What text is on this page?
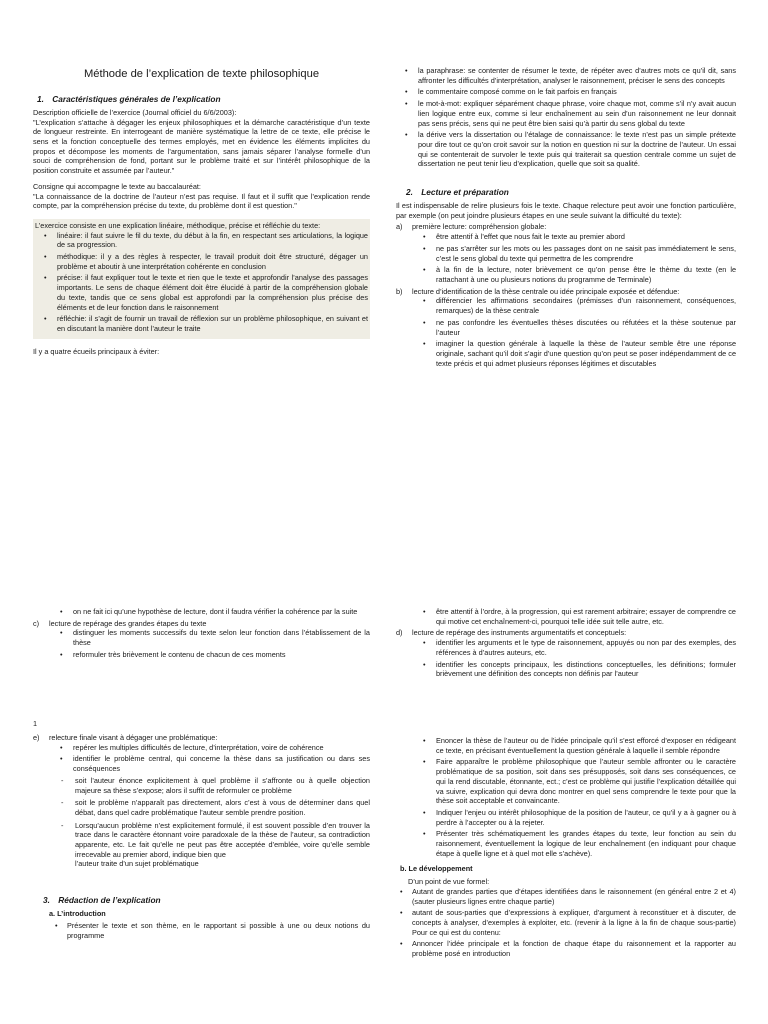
Méthode de l’explication de texte philosophique
1. Caractéristiques générales de l’explication

Description officielle de l’exercice (Journal officiel du 6/6/2003):

"L’explication s’attache à dégager les enjeux philosophiques et la démarche caractéristique d’un texte de longueur restreinte. En interrogeant de manière systématique la lettre de ce texte, elle précise le sens et la fonction conceptuelle des termes employés, met en évidence les éléments implicites du propos et décompose les moments de l’argumentation, sans jamais séparer l’analyse formelle d’un souci de compréhension de fond, portant sur le problème traité et sur l’intérêt philosophique de la position construite et assumée par l’auteur."

Consigne qui accompagne le texte au baccalauréat:

"La connaissance de la doctrine de l’auteur n’est pas requise. Il faut et il suffit que l’explication rende compte, par la compréhension précise du texte, du problème dont il est question."

L’exercice consiste en une explication linéaire, méthodique, précise et réfléchie du texte:

• linéaire: il faut suivre le fil du texte, du début à la fin, en respectant ses articulations, la logique de sa progression.
• méthodique: il y a des règles à respecter, le travail produit doit être structuré, dégager un problème et aboutir à une interprétation cohérente en conclusion
• précise: il faut expliquer tout le texte et rien que le texte et approfondir l’analyse des passages importants. Le sens de chaque élément doit être élucidé à partir de la compréhension globale du texte, tandis que ce sens global est approfondi par la compréhension plus précise des éléments et de leur fonction dans le raisonnement
• réfléchie: il s’agit de fournir un travail de réflexion sur un problème philosophique, en suivant et en discutant la manière dont l’auteur le traite

Il y a quatre écueils principaux à éviter:

• la paraphrase: se contenter de résumer le texte, de répéter avec d’autres mots ce qu’il dit, sans affronter les difficultés d’interprétation, analyser le raisonnement, préciser le sens des concepts
• le commentaire composé comme on le fait parfois en français
• le mot-à-mot: expliquer séparément chaque phrase, voire chaque mot, comme s’il n’y avait aucun lien logique entre eux, comme si leur enchaînement au sein d’un raisonnement ne leur donnait pas sens précis, sens qui ne peut être bien saisi qu’à partir du sens global du texte
• la dérive vers la dissertation ou l’étalage de connaissance: le texte n’est pas un simple prétexte pour dire tout ce qu’on croit savoir sur la notion en question ni sur la doctrine de l’auteur. Un essai qui se contenterait de survoler le texte puis qui traiterait sa question centrale comme un sujet de dissertation ne peut tenir lieu d’explication, quelle que soit sa qualité.
2. Lecture et préparation

Il est indispensable de relire plusieurs fois le texte. Chaque relecture peut avoir une fonction particulière, par exemple (on peut joindre plusieurs étapes en une seule suivant la difficulté du texte):

a) première lecture: compréhension globale:
• être attentif à l’effet que nous fait le texte au premier abord
• ne pas s’arrêter sur les mots ou les passages dont on ne saisit pas immédiatement le sens, c’est le sens global du texte qui permettra de les comprendre
• à la fin de la lecture, noter brièvement ce qu’on pense être le thème du texte (en le rattachant à une ou plusieurs notions du programme de Terminale)
b) lecture d’identification de la thèse centrale ou idée principale exposée et défendue:
• différencier les affirmations secondaires (prémisses d’un raisonnement, conséquences, remarques) de la thèse centrale
• ne pas confondre les éventuelles thèses discutées ou réfutées et la thèse soutenue par l’auteur
• imaginer la question générale à laquelle la thèse de l’auteur semble être une réponse originale, sachant qu’il doit s’agir d’une question qu’on peut se poser indépendamment de ce texte précis et qui admet plusieurs réponses légitimes et discutables
• on ne fait ici qu’une hypothèse de lecture, dont il faudra vérifier la cohérence par la suite
c) lecture de repérage des grandes étapes du texte
• distinguer les moments successifs du texte selon leur fonction dans l’établissement de la thèse
• reformuler très brièvement le contenu de chacun de ces moments
• être attentif à l’ordre, à la progression, qui est rarement arbitraire; essayer de comprendre ce qui motive cet enchaînement-ci, pourquoi telle idée suit telle autre, etc.
d) lecture de repérage des instruments argumentatifs et conceptuels:
• identifier les arguments et le type de raisonnement, appuyés ou non par des exemples, des références à d’autres auteurs, etc.
• identifier les concepts principaux, les distinctions conceptuelles, les définitions; formuler brièvement une définition des concepts non définis par l’auteur
1
e) relecture finale visant à dégager une problématique:
• repérer les multiples difficultés de lecture, d’interprétation, voire de cohérence
• identifier le problème central, qui concerne la thèse dans sa justification ou dans ses conséquences
- soit l’auteur énonce explicitement à quel problème il s’affronte ou à quelle objection majeure sa thèse s’expose; alors il suffit de reformuler ce problème
- soit le problème n’apparaît pas directement, alors c’est à vous de déterminer dans quel débat, dans quel cadre problématique l’auteur semble prendre position.
- Lorsqu’aucun problème n’est explicitement formulé, il est souvent possible d’en trouver la trace dans le caractère étonnant voire paradoxale de la thèse de l’auteur, sa contradiction apparente, etc. Le fait qu’elle ne peut pas être acceptée d’emblée, voire qu’elle semble irrecevable au premier abord, indique bien que

l’auteur traite d’un sujet problématique

3. Rédaction de l’explication

a. L’introduction

• Présenter le texte et son thème, en le rapportant si possible à une ou deux notions du programme
• Enoncer la thèse de l’auteur ou de l’idée principale qu’il s’est efforcé d’exposer en rédigeant ce texte, en précisant éventuellement la question générale à laquelle il semble répondre
• Faire apparaître le problème philosophique que l’auteur semble affronter ou le caractère problématique de sa position, soit dans ses présupposés, soit dans ses conséquences, ce qui la rend discutable, étonnante, ect.; c’est ce problème qui justifie l’explication détaillée qui va suivre, explication qui devra donc montrer en quel sens comprendre le texte pour que la thèse soit acceptable et convaincante.
• Indiquer l’enjeu ou intérêt philosophique de la position de l’auteur, ce qu’il y a à gagner ou à perdre à l’accepter ou à la rejeter.
• Présenter très schématiquement les grandes étapes du texte, leur fonction au sein du raisonnement, éventuellement la logique de leur enchaînement (en indiquant pour chaque étape à quelle ligne et à quel mot elle s’achève).

b. Le développement

D’un point de vue formel:

• Autant de grandes parties que d’étapes identifiées dans le raisonnement (en général entre 2 et 4) (sauter plusieurs lignes entre chaque partie)
• autant de sous-parties que d’expressions à expliquer, d’argument à reconstituer et à discuter, de concepts à analyser, d’exemples à exploiter, etc. (revenir à la ligne à la fin de chaque sous-partie) Pour ce qui est du contenu:
• Annoncer l’idée principale et la fonction de chaque étape du raisonnement et la rapporter au problème posé en introduction
